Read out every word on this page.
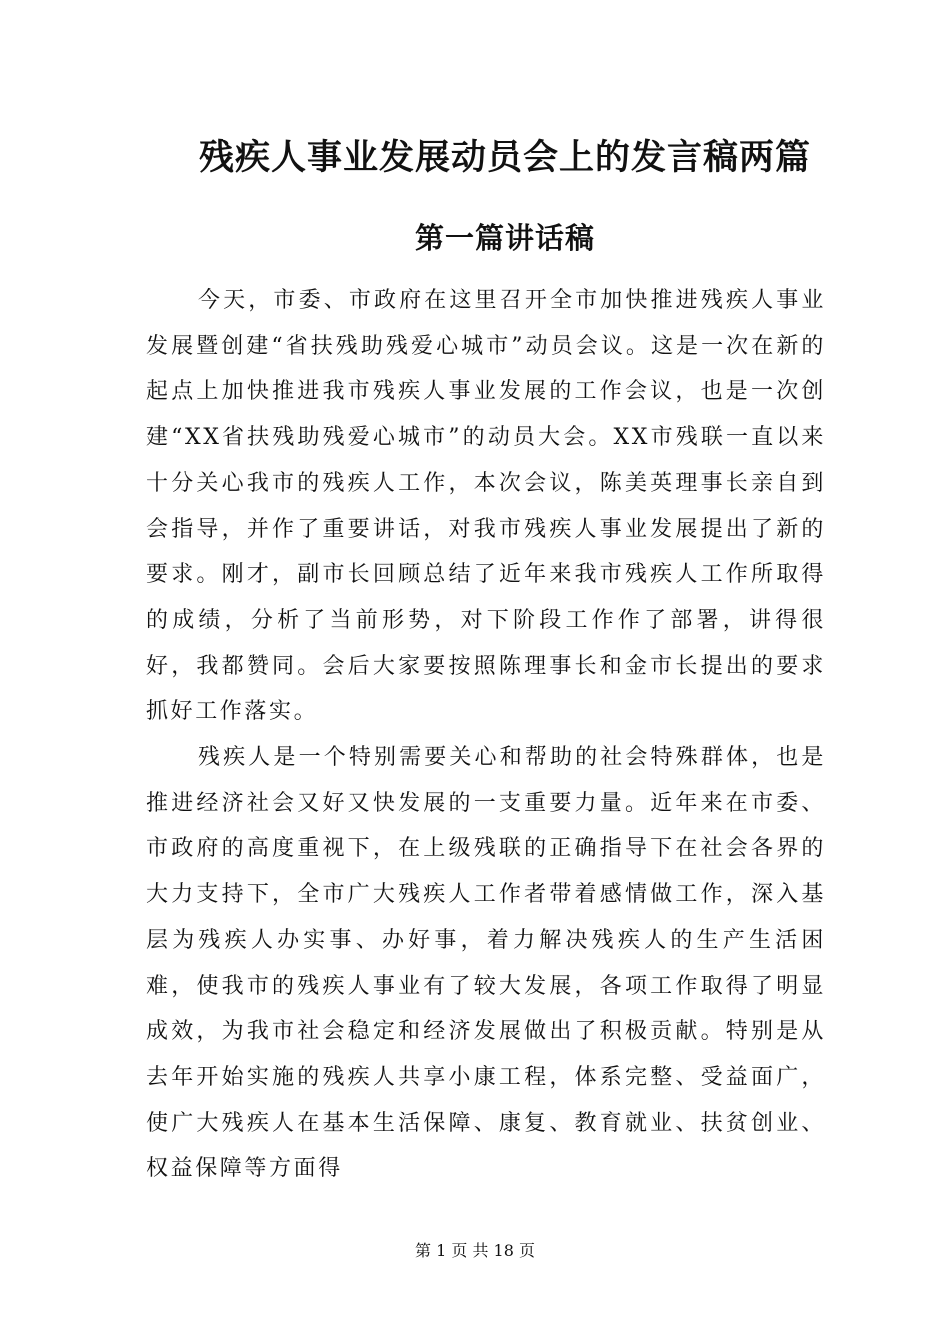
残疾人事业发展动员会上的发言稿两篇
第一篇讲话稿

今天，市委、市政府在这里召开全市加快推进残疾人事业发展暨创建“省扶残助残爱心城市”动员会议。这是一次在新的起点上加快推进我市残疾人事业发展的工作会议，也是一次创建“XX省扶残助残爱心城市”的动员大会。XX市残联一直以来十分关心我市的残疾人工作，本次会议，陈美英理事长亲自到会指导，并作了重要讲话，对我市残疾人事业发展提出了新的要求。刚才，副市长回顾总结了近年来我市残疾人工作所取得的成绩，分析了当前形势，对下阶段工作作了部署，讲得很好，我都赞同。会后大家要按照陈理事长和金市长提出的要求抓好工作落实。

残疾人是一个特别需要关心和帮助的社会特殊群体，也是推进经济社会又好又快发展的一支重要力量。近年来在市委、市政府的高度重视下，在上级残联的正确指导下在社会各界的大力支持下，全市广大残疾人工作者带着感情做工作，深入基层为残疾人办实事、办好事，着力解决残疾人的生产生活困难，使我市的残疾人事业有了较大发展，各项工作取得了明显成效，为我市社会稳定和经济发展做出了积极贡献。特别是从去年开始实施的残疾人共享小康工程，体系完整、受益面广，使广大残疾人在基本生活保障、康复、教育就业、扶贫创业、权益保障等方面得

第 1 页 共 18 页
